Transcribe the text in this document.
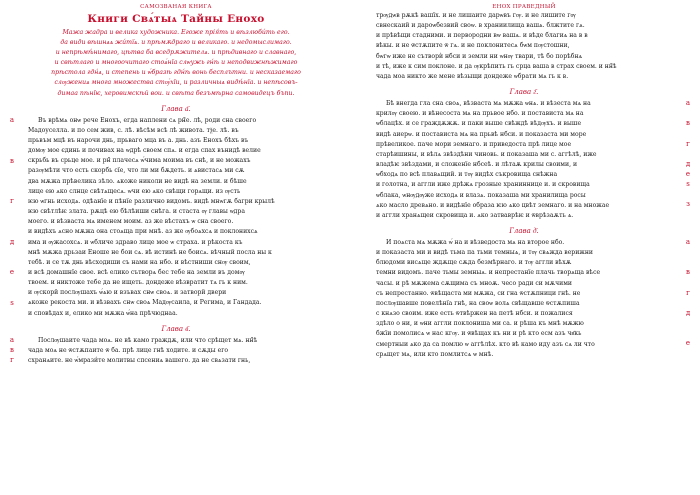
САМОЗВАНАЯ КНИГА
Книги Свѧ́тыѧ Тайны Енохо
Мажа жадра и велика художника. Егоже прія́ть и вѣзлюби́ть его.
да види вѣшнѧѧ жи́тїѧ. и прѣмѫдраго и великаго. и недомыслимаго.
и непрѣмѣ́нимаго, цѣтва ба вседрѫжителѧ. и прѣдивнаго и славнаго,
и свѣтлаго и многоочитаго стоѧ́нїа слѡужь гн́ѣ и неподвижнѣжимаго
прѣстола гдн́ѧ, и степень и ѡ́бразѣ гдн́ѣ вонь бесплътни. и несказаемаго
слѹжениѧ многа множества стѹ́хїи, и различныѧ видѣ́нїа. и непѣсовъ-
димаа пѣнїѥ, херовимскѣй вои. и свѣта безъмѣрна самовидецъ бъпи.
Глава а҃.
а
в
г
д
е
ѕ
Въ врѣмѧ онѡ рече Енохъ, егда наплени сѧ рн̃е. лѣ, роди сна своего
Мадоуселла. и по сем жив, с. лѣ. вѣсѣм всѣ лѣ живота. тѯе. лѣ. въ
прьвъм мцѣ въ нарочи днь, прьваго мца въ а. днь. азъ Енохъ бѣхъ въ
домѹ мое єдинь и почивах на ѡдрѣ своем спѧ. и егда спах вънидѣ велие
скрьбь въ срьце мое. и рн̃ плачесѧ ѡ́чима моима въ снѣ, и не можахъ
разѹмѣти что есть скорбь сїе, что ли ми бѫдеть. и ѧвистасѧ ми сѫ
два мѫжа прѣвелика зѣло. ѧкоже николи не видѣ на земли. и бѣше
лице ею ѧко слнце свѣтѧщесѧ. ѡчи ею ѧко свѣщи горѧщи. из ѹсть
ѥю ѡгнь исходѧ. одѣанїе и пѣнїе различно видомъ. видѣ мнѡгѫ багри крылѣ
ѥю свѣтлѣѥ злата. рѫцѣ ею бѣлѣиши снѣга. и стаста ѹ главы ѡдра
моего. и вѣзваста мѧ именем моим. аз же вѣстахъ ѡ сна своего.
и видѣхъ ѧсно мѫжа она стоѧща при мнѣ. аз же ѹбоѧхсѧ и поклонихсѧ
има и ѹжасохсѧ. и ѡбличе здраво лице мое ѡ страха. и рѣкоста къ
мнѣ мѫжа дрьзаи Еноше не бои сѧ. вѣ истинѣ не боисѧ. вѣчный посла ны к
тебѣ. и се тѫ днь вѣсходиши съ нами на нбо. и вѣстниши снѹ своим,
и всѣ домашнїе свое. всѣ елико сътворѧ бес тебе на земли въ домѹ
твоем. и никтоже тебе да не ищеть. дондеже вѣзвратит тѧ гь к ним.
и ѹскорй послѹшахъ ѡ́ѧю и взъвах снѡ своѧ. и затворй двери
ѧкоже рекоста ми. и вѣзвахъ снѡ своѧ Мадѹсаила, и Регима, и Гандада.
и сповѣдах и, елико ми мѫжа ѡ́на прѣчюднаа.
Глава в҃.
а
в
г
Послѹшаите чада моѧ. не вѣ камо граждѫ, или что срѣщет мѧ. нн̃ѣ
чада моѧ не ѿстѫпаите ѿ ба. прѣ лице гнѣ ходите. и сѫды его
схранѧите. не ѡ́мрази́те молитвы спсениѧ вашего. да не свѧзати гнь,
ЕНОХ ПРАВЕДНЫЙ
трѹдѡв рѫкѣ вашїх. и не лишаите дарѡвъ гѹ. и не лишите гѹ
свнескаий и дароѡбезвий своѡ. в храниилища вашѧ. блжтите гѧ.
и прѣвѣщи стадними. и первородни вѡ вашѧ. и вѣде благиѧ на в в
вѣкы. и не ѿстѫпите ѿ гѧ. и не поклонитесѧ бѡм пѹстошни,
бѡгѡ иже не сътворѝ нбси и земли ни ѡнѹ твари, тѣ бо порѣбнѧ
и тѣ, иже к сим поклоне. и да ѹкрѣпить гь срца ваша в страх своем. и нн̃ѣ
чада моа никто же мене вѣзыщи дондеже ѡбрати мѧ гь к в.
Глава г҃.
а
в
г
д
е
ѕ
з
Бѣ внегда гла сна своѧ, вѣзваста мѧ мѫжа ѡнѧ. и вѣзеста мѧ на
крилѹ своею. и вѣнесоста мѧ на прьвое нбо. и постависта мѧ на
ѡблацѣх. и се граждѫжѫ. и паки выше свѣждѣ вѣдѹхъ. и выше
видѣ аиерѡ. и постависта мѧ на прьвѣ нбси. и показаста ми море
прѣвеликое. паче мори земнаго. и приведоста прѣ лице мое
старѣишины, и вѣлѧ звѣздѣни чиновь. и показаша ми с. аггѣлѣ, иже
владѣѥ звѣздами, и сложенїе нбсеѣ. и лѣтаѫ крилы своими, и
ѡбходѧ по всѣ плавѧщий. и тѹ видѣх съкровища снѣжна
и голотна, и аггли иже дрѣжѧ грозные храниннице и. и скровища
ѡблака, ѡнѹдѹже исходѧ и влазѧ. показаша ми хранилища росы
ѧко масло древѧно. и видѣнїе образа ѥю ѧко цвѣт земнаго. и на множае
и аггли хранѧщеи скровища и. ѧко затваврѣѥ и ѿврѣзаѫть ѧ.
Глава д҃.
а
в
г
д
е
И поѧста мѧ мѫжа ѡ́ на и вѣзведоста мѧ на второе нбо.
и показаста ми и видѣ тьма па тьми темныѧ, и тѹ свѧжда верижни
блюдоми висѧще ждѫще сѫда безмѣрнаго. и тѹ аггли вѣхѫ
темни видомъ. паче тьмы земныѧ. и непрестанїе плачь творѧща вѣсе
часы. и рѣ мѫжема сѫщима съ мноѫ. чесо ради си мѫчими
съ непрестанно. ѿвѣщаста ми мѫжа, си гна ѿстѫпници гнѣ. не
послѹшавше повелѣнїа гнѣ, на своѡ волѧ свѣщавше ѿстѫпиша
с кнѧзо своим. иже есть ѿтвѣржен на петѣ нбси. и пожалися
здѣло о ни, и ѡни аггли поклониша ми са. и рѣша къ мнѣ мѫжю
бжїи помолисѧ ѡ нас кгѹ. и ѿвѣщах къ ни и рѣ кто есм азъ чв҃кь
смертныи ѧко да са помлю ѡ аггѣлѣх. кто вѣ камо иду азъ сѧ ли что
срѧщет мѧ, или кто помлитсѧ ѡ мнѣ.
